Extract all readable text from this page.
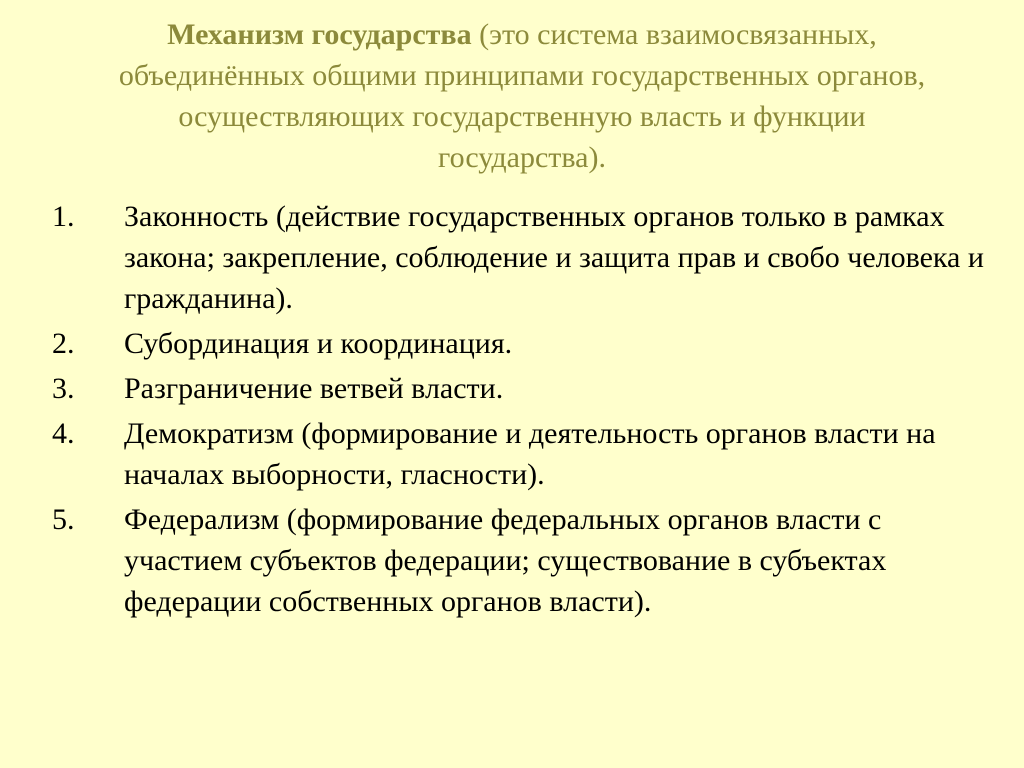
Механизм государства (это система взаимосвязанных, объединённых общими принципами государственных органов, осуществляющих государственную власть и функции государства).
1.	Законность (действие государственных органов только в рамках закона; закрепление, соблюдение и защита прав и свобо человека и гражданина).
2.	Субординация и координация.
3.	Разграничение ветвей власти.
4.	Демократизм (формирование и деятельность органов власти на началах выборности, гласности).
5.	Федерализм (формирование федеральных органов власти с участием субъектов федерации; существование в субъектах федерации собственных органов власти).
